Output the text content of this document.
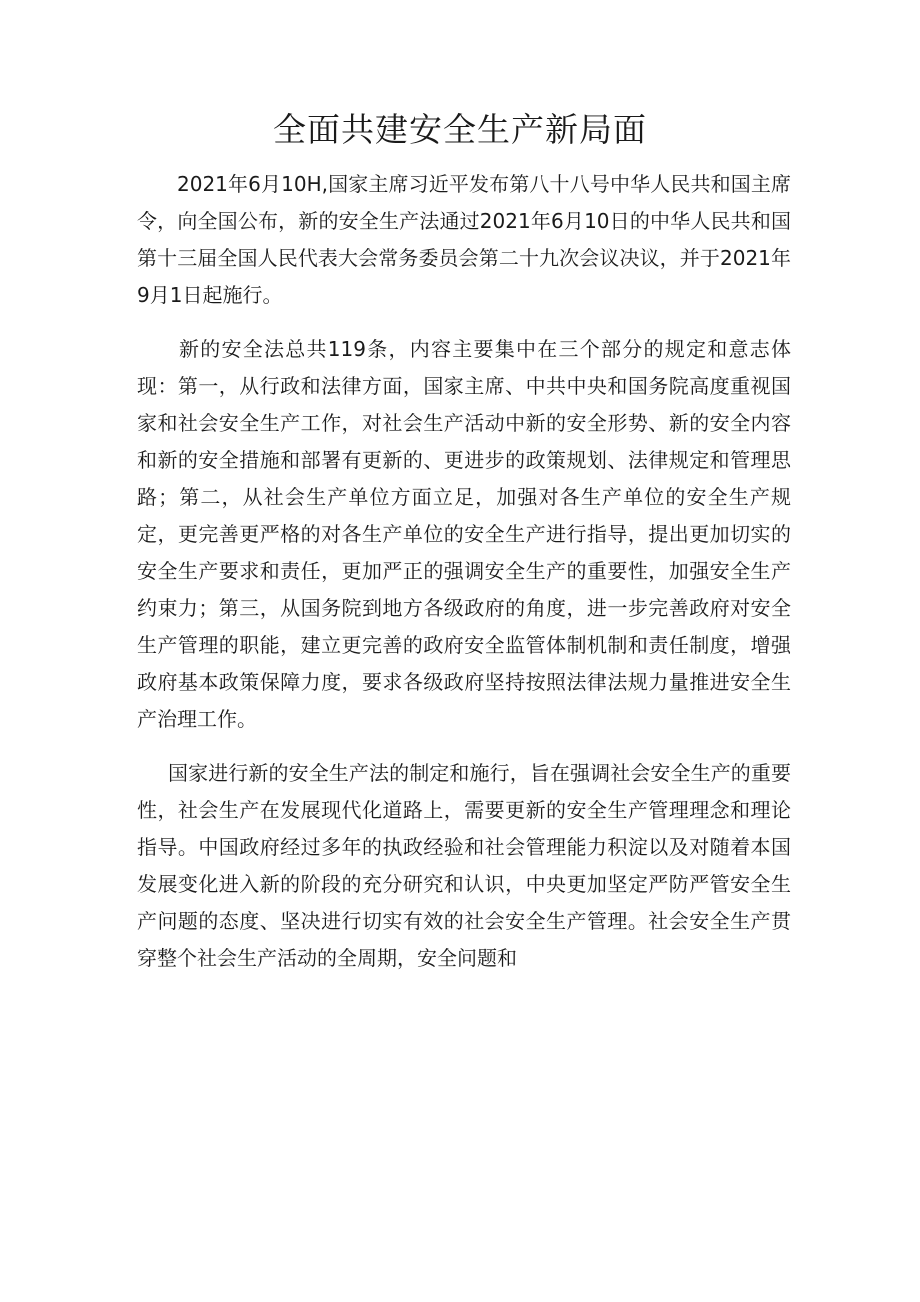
全面共建安全生产新局面

2021年6月10H,国家主席习近平发布第八十八号中华人民共和国主席令，向全国公布，新的安全生产法通过2021年6月10日的中华人民共和国第十三届全国人民代表大会常务委员会第二十九次会议决议，并于2021年9月1日起施行。

新的安全法总共119条，内容主要集中在三个部分的规定和意志体现：第一，从行政和法律方面，国家主席、中共中央和国务院高度重视国家和社会安全生产工作，对社会生产活动中新的安全形势、新的安全内容和新的安全措施和部署有更新的、更进步的政策规划、法律规定和管理思路；第二，从社会生产单位方面立足，加强对各生产单位的安全生产规定，更完善更严格的对各生产单位的安全生产进行指导，提出更加切实的安全生产要求和责任，更加严正的强调安全生产的重要性，加强安全生产约束力；第三，从国务院到地方各级政府的角度，进一步完善政府对安全生产管理的职能，建立更完善的政府安全监管体制机制和责任制度，增强政府基本政策保障力度，要求各级政府坚持按照法律法规力量推进安全生产治理工作。

国家进行新的安全生产法的制定和施行，旨在强调社会安全生产的重要性，社会生产在发展现代化道路上，需要更新的安全生产管理理念和理论指导。中国政府经过多年的执政经验和社会管理能力积淀以及对随着本国发展变化进入新的阶段的充分研究和认识，中央更加坚定严防严管安全生产问题的态度、坚决进行切实有效的社会安全生产管理。社会安全生产贯穿整个社会生产活动的全周期，安全问题和
